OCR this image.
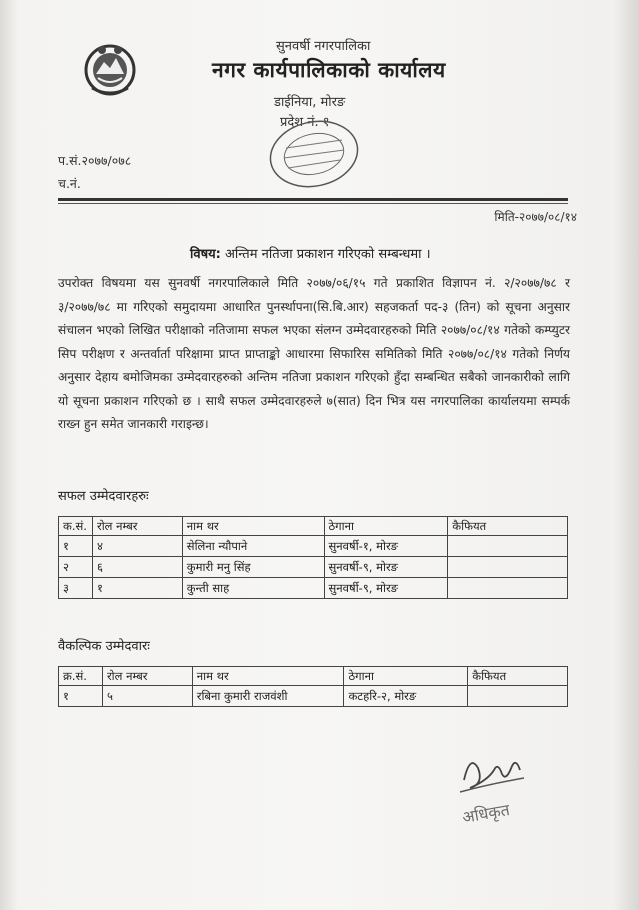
सुनवर्षी नगरपालिका
नगर कार्यपालिकाको कार्यालय
डाईनिया, मोरङ
प्रदेश नं. १
प.सं.२०७७/०७८
च.नं.
मिति-२०७७/०८/१४
विषय: अन्तिम नतिजा प्रकाशन गरिएको सम्बन्धमा ।
उपरोक्त विषयमा यस सुनवर्षी नगरपालिकाले मिति २०७७/०६/१५ गते प्रकाशित विज्ञापन नं. २/२०७७/७८ र ३/२०७७/७८ मा गरिएको समुदायमा आधारित पुनर्स्थापना(सि.बि.आर) सहजकर्ता पद-३ (तिन) को सूचना अनुसार संचालन भएको लिखित परीक्षाको नतिजामा सफल भएका संलग्न उम्मेदवारहरुको मिति २०७७/०८/१४ गतेको कम्प्युटर सिप परीक्षण र अन्तर्वार्ता परिक्षामा प्राप्त प्राप्ताङ्को आधारमा सिफारिस समितिको मिति २०७७/०८/१४ गतेको निर्णय अनुसार देहाय बमोजिमका उम्मेदवारहरुको अन्तिम नतिजा प्रकाशन गरिएको हुँदा सम्बन्धित सबैको जानकारीको लागि यो सूचना प्रकाशन गरिएको छ । साथै सफल उम्मेदवारहरुले ७(सात) दिन भित्र यस नगरपालिका कार्यालयमा सम्पर्क राख्न हुन समेत जानकारी गराइन्छ।
सफल उम्मेदवारहरुः
क.सं.	रोल नम्बर	नाम थर	ठेगाना	कैफियत
१	४	सेलिना न्यौपाने	सुनवर्षी-१, मोरङ	
२	६	कुमारी मनु सिंह	सुनवर्षी-९, मोरङ	
३	१	कुन्ती साह	सुनवर्षी-९, मोरङ	
वैकल्पिक उम्मेदवारः
क्र.सं.	रोल नम्बर	नाम थर	ठेगाना	कैफियत
१	५	रबिना कुमारी राजवंशी	कटहरि-२, मोरङ	
अधिकृत
